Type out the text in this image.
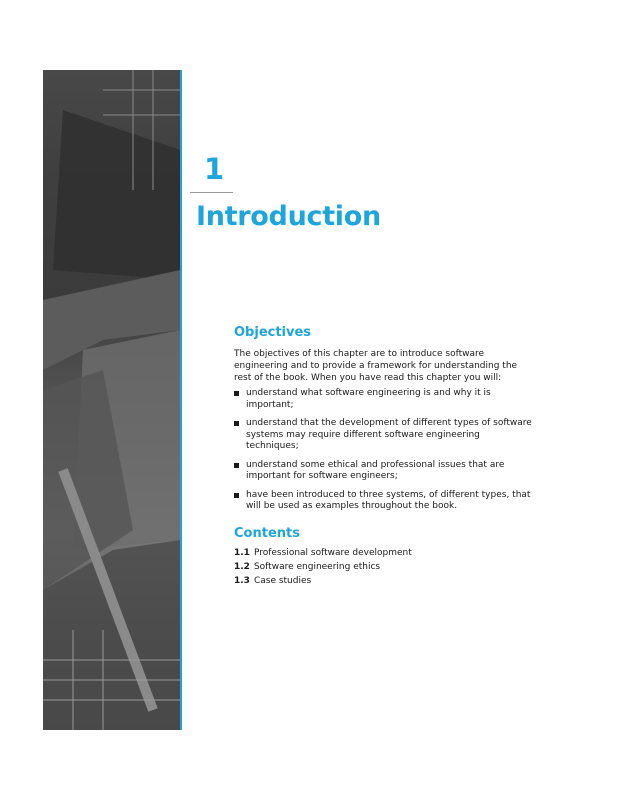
1
Introduction
Objectives

The objectives of this chapter are to introduce software engineering and to provide a framework for understanding the rest of the book. When you have read this chapter you will:

understand what software engineering is and why it is important;
understand that the development of different types of software systems may require different software engineering techniques;
understand some ethical and professional issues that are important for software engineers;
have been introduced to three systems, of different types, that will be used as examples throughout the book.
Contents
1.1 Professional software development
1.2 Software engineering ethics
1.3 Case studies
